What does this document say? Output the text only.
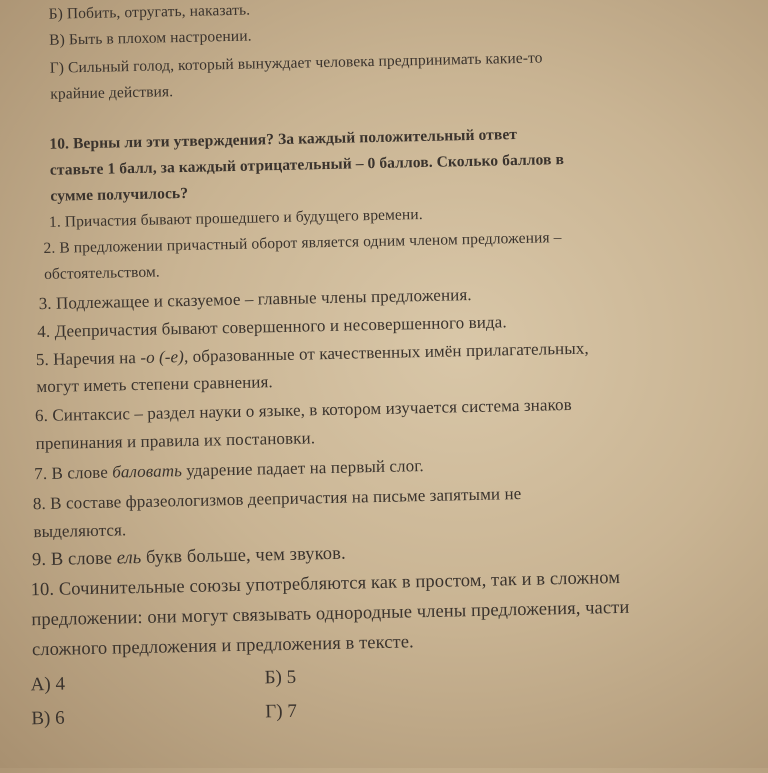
Б) Побить, отругать, наказать.
В) Быть в плохом настроении.
Г) Сильный голод, который вынуждает человека предпринимать какие-то
крайние действия.
10. Верны ли эти утверждения? За каждый положительный ответ
ставьте 1 балл, за каждый отрицательный – 0 баллов. Сколько баллов в
сумме получилось?
1. Причастия бывают прошедшего и будущего времени.
2. В предложении причастный оборот является одним членом предложения –
обстоятельством.
3. Подлежащее и сказуемое – главные члены предложения.
4. Деепричастия бывают совершенного и несовершенного вида.
5. Наречия на -о (-е), образованные от качественных имён прилагательных,
могут иметь степени сравнения.
6. Синтаксис – раздел науки о языке, в котором изучается система знаков
препинания и правила их постановки.
7. В слове баловать ударение падает на первый слог.
8. В составе фразеологизмов деепричастия на письме запятыми не
выделяются.
9. В слове ель букв больше, чем звуков.
10. Сочинительные союзы употребляются как в простом, так и в сложном
предложении: они могут связывать однородные члены предложения, части
сложного предложения и предложения в тексте.
А) 4	Б) 5
В) 6	Г) 7
